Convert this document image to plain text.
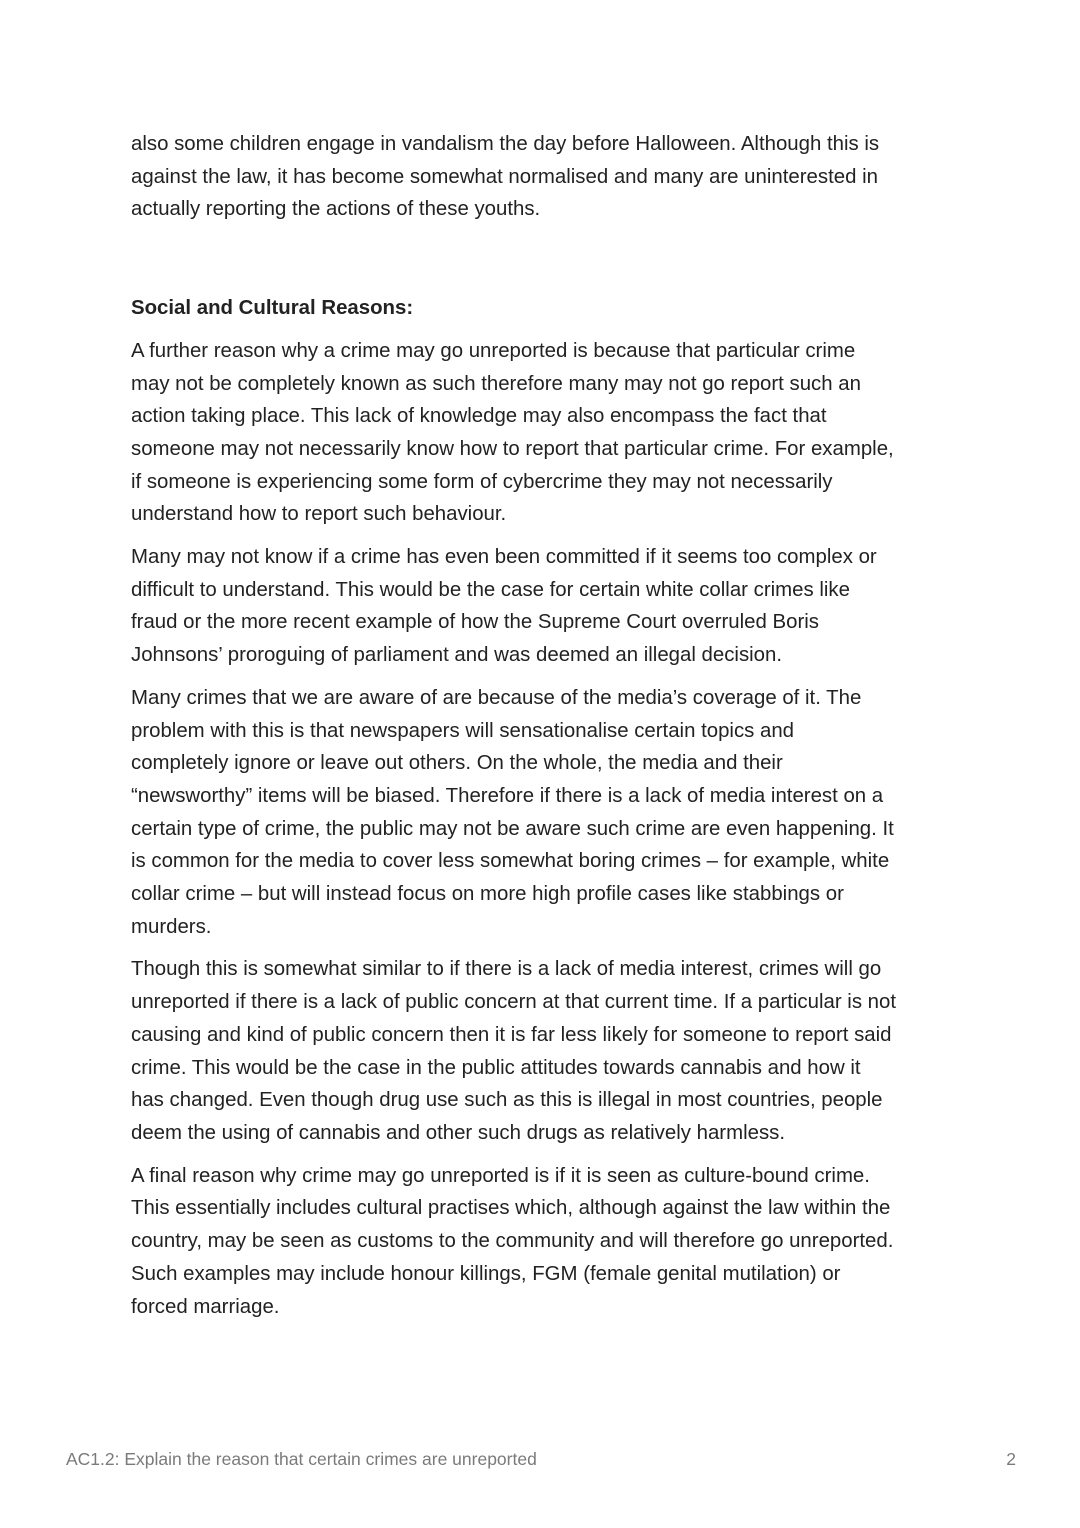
also some children engage in vandalism the day before Halloween. Although this is
against the law, it has become somewhat normalised and many are uninterested in
actually reporting the actions of these youths.

Social and Cultural Reasons:

A further reason why a crime may go unreported is because that particular crime
may not be completely known as such therefore many may not go report such an
action taking place. This lack of knowledge may also encompass the fact that
someone may not necessarily know how to report that particular crime. For example,
if someone is experiencing some form of cybercrime they may not necessarily
understand how to report such behaviour.

Many may not know if a crime has even been committed if it seems too complex or
difficult to understand. This would be the case for certain white collar crimes like
fraud or the more recent example of how the Supreme Court overruled Boris
Johnsons’ proroguing of parliament and was deemed an illegal decision.

Many crimes that we are aware of are because of the media’s coverage of it. The
problem with this is that newspapers will sensationalise certain topics and
completely ignore or leave out others. On the whole, the media and their
“newsworthy” items will be biased. Therefore if there is a lack of media interest on a
certain type of crime, the public may not be aware such crime are even happening. It
is common for the media to cover less somewhat boring crimes – for example, white
collar crime – but will instead focus on more high profile cases like stabbings or
murders.

Though this is somewhat similar to if there is a lack of media interest, crimes will go
unreported if there is a lack of public concern at that current time. If a particular is not
causing and kind of public concern then it is far less likely for someone to report said
crime. This would be the case in the public attitudes towards cannabis and how it
has changed. Even though drug use such as this is illegal in most countries, people
deem the using of cannabis and other such drugs as relatively harmless.

A final reason why crime may go unreported is if it is seen as culture-bound crime.
This essentially includes cultural practises which, although against the law within the
country, may be seen as customs to the community and will therefore go unreported.
Such examples may include honour killings, FGM (female genital mutilation) or
forced marriage.

AC1.2: Explain the reason that certain crimes are unreported	2
